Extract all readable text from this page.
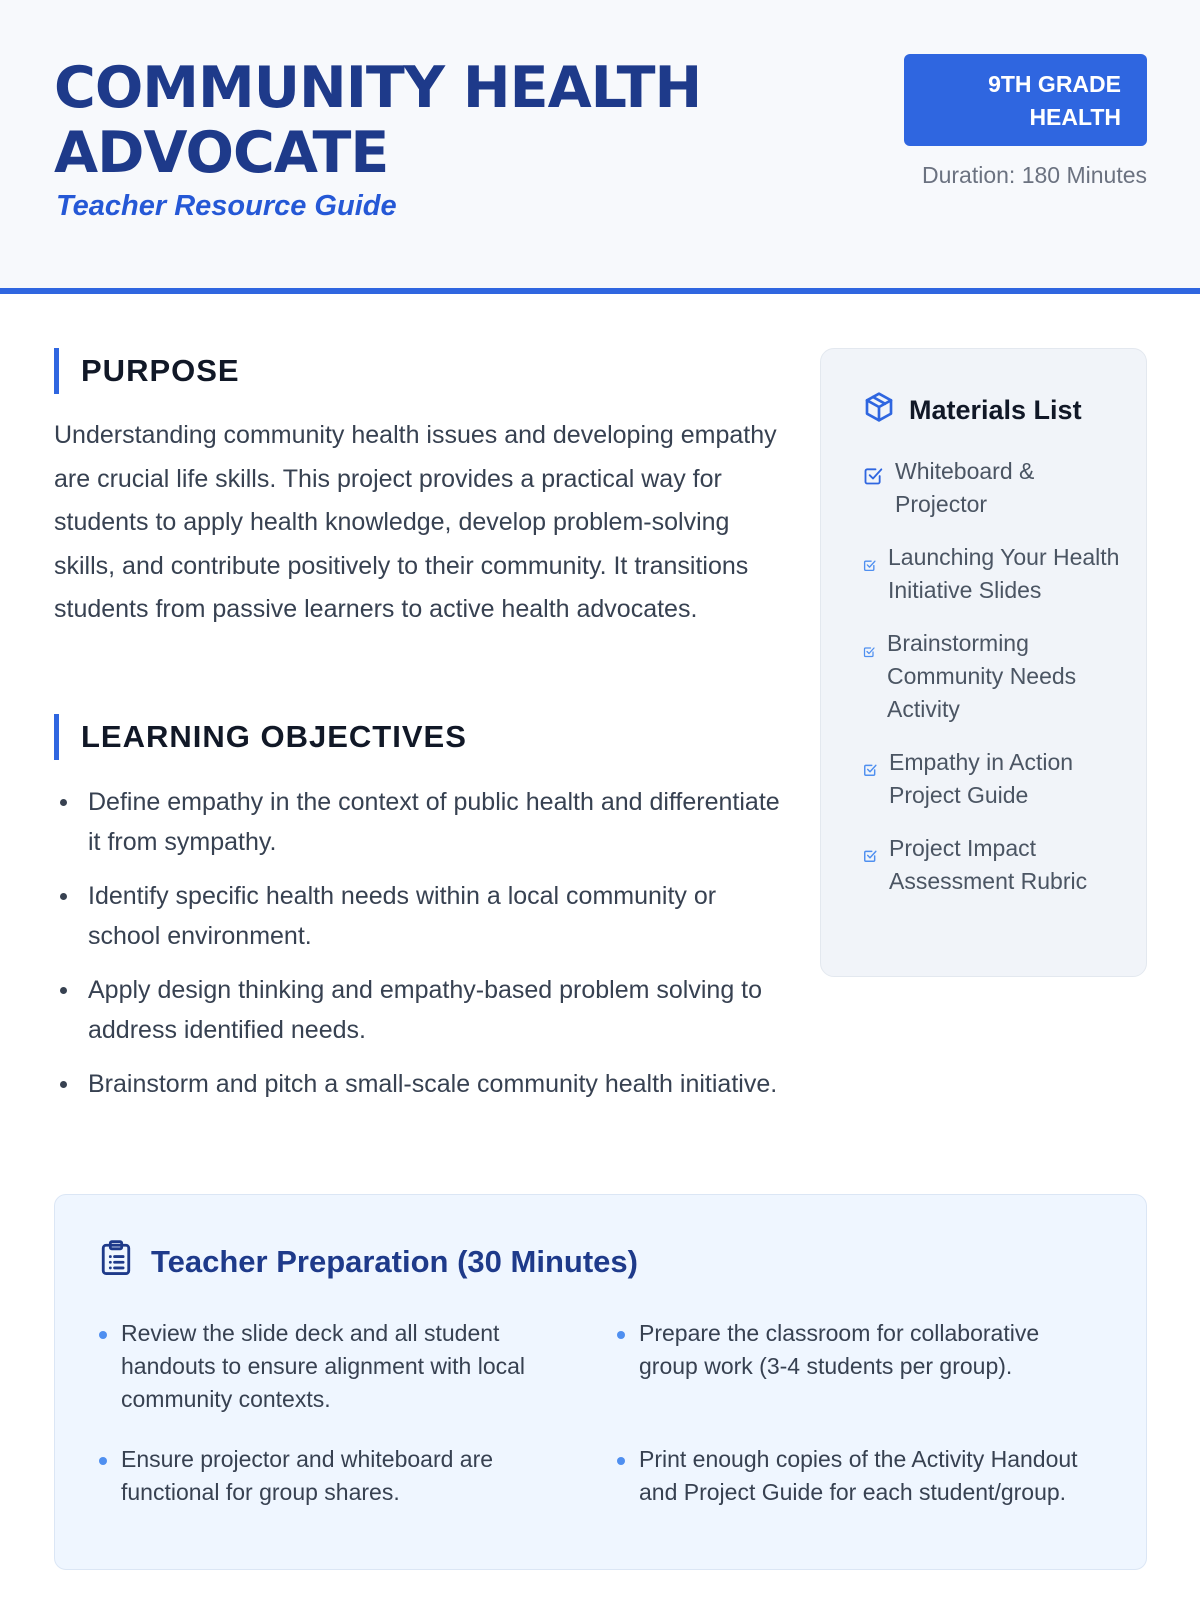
COMMUNITY HEALTH
ADVOCATE
Teacher Resource Guide
9TH GRADE
HEALTH
Duration: 180 Minutes
PURPOSE

Understanding community health issues and developing empathy are crucial life skills. This project provides a practical way for students to apply health knowledge, develop problem-solving skills, and contribute positively to their community. It transitions students from passive learners to active health advocates.

LEARNING OBJECTIVES
Define empathy in the context of public health and differentiate it from sympathy.
Identify specific health needs within a local community or school environment.
Apply design thinking and empathy-based problem solving to address identified needs.
Brainstorm and pitch a small-scale community health initiative.
Materials List
Whiteboard & Projector
Launching Your Health Initiative Slides
Brainstorming Community Needs Activity
Empathy in Action Project Guide
Project Impact Assessment Rubric
Teacher Preparation (30 Minutes)
Review the slide deck and all student handouts to ensure alignment with local community contexts.
Prepare the classroom for collaborative group work (3-4 students per group).
Ensure projector and whiteboard are functional for group shares.
Print enough copies of the Activity Handout and Project Guide for each student/group.
